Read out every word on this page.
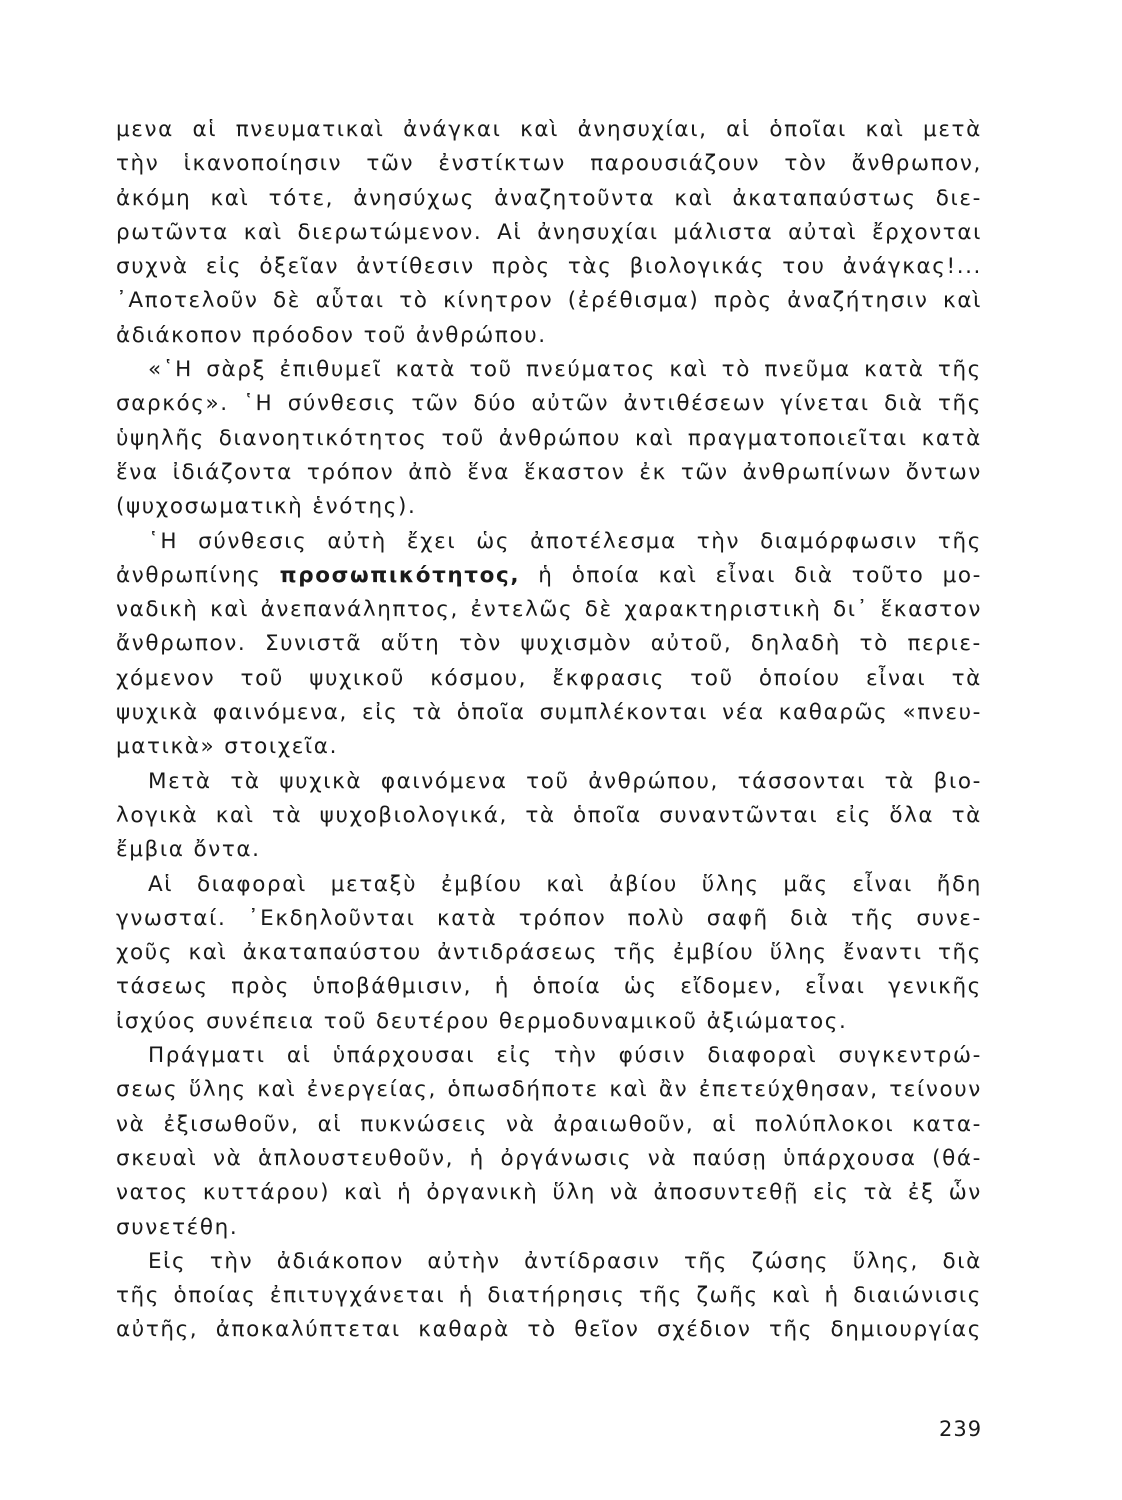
μενα αἱ πνευματικαὶ ἀνάγκαι καὶ ἀνησυχίαι, αἱ ὁποῖαι καὶ μετὰ
τὴν ἱκανοποίησιν τῶν ἐνστίκτων παρουσιάζουν τὸν ἄνθρωπον,
ἀκόμη καὶ τότε, ἀνησύχως ἀναζητοῦντα καὶ ἀκαταπαύστως διε-
ρωτῶντα καὶ διερωτώμενον. Αἱ ἀνησυχίαι μάλιστα αὐταὶ ἔρχονται
συχνὰ εἰς ὀξεῖαν ἀντίθεσιν πρὸς τὰς βιολογικάς του ἀνάγκας!...
᾿Αποτελοῦν δὲ αὗται τὸ κίνητρον (ἐρέθισμα) πρὸς ἀναζήτησιν καὶ
ἀδιάκοπον πρόοδον τοῦ ἀνθρώπου.
«῾Η σὰρξ ἐπιθυμεῖ κατὰ τοῦ πνεύματος καὶ τὸ πνεῦμα κατὰ τῆς
σαρκός». ῾Η σύνθεσις τῶν δύο αὐτῶν ἀντιθέσεων γίνεται διὰ τῆς
ὑψηλῆς διανοητικότητος τοῦ ἀνθρώπου καὶ πραγματοποιεῖται κατὰ
ἕνα ἰδιάζοντα τρόπον ἀπὸ ἕνα ἕκαστον ἐκ τῶν ἀνθρωπίνων ὄντων
(ψυχοσωματικὴ ἑνότης).
῾Η σύνθεσις αὐτὴ ἔχει ὡς ἀποτέλεσμα τὴν διαμόρφωσιν τῆς
ἀνθρωπίνης προσωπικότητος, ἡ ὁποία καὶ εἶναι διὰ τοῦτο μο-
ναδικὴ καὶ ἀνεπανάληπτος, ἐντελῶς δὲ χαρακτηριστικὴ δι᾿ ἕκαστον
ἄνθρωπον. Συνιστᾶ αὕτη τὸν ψυχισμὸν αὐτοῦ, δηλαδὴ τὸ περιε-
χόμενον τοῦ ψυχικοῦ κόσμου, ἔκφρασις τοῦ ὁποίου εἶναι τὰ
ψυχικὰ φαινόμενα, εἰς τὰ ὁποῖα συμπλέκονται νέα καθαρῶς «πνευ-
ματικὰ» στοιχεῖα.
Μετὰ τὰ ψυχικὰ φαινόμενα τοῦ ἀνθρώπου, τάσσονται τὰ βιο-
λογικὰ καὶ τὰ ψυχοβιολογικά, τὰ ὁποῖα συναντῶνται εἰς ὅλα τὰ
ἔμβια ὄντα.
Αἱ διαφοραὶ μεταξὺ ἐμβίου καὶ ἀβίου ὕλης μᾶς εἶναι ἤδη
γνωσταί. ᾿Εκδηλοῦνται κατὰ τρόπον πολὺ σαφῆ διὰ τῆς συνε-
χοῦς καὶ ἀκαταπαύστου ἀντιδράσεως τῆς ἐμβίου ὕλης ἔναντι τῆς
τάσεως πρὸς ὑποβάθμισιν, ἡ ὁποία ὡς εἴδομεν, εἶναι γενικῆς
ἰσχύος συνέπεια τοῦ δευτέρου θερμοδυναμικοῦ ἀξιώματος.
Πράγματι αἱ ὑπάρχουσαι εἰς τὴν φύσιν διαφοραὶ συγκεντρώ-
σεως ὕλης καὶ ἐνεργείας, ὁπωσδήποτε καὶ ἂν ἐπετεύχθησαν, τείνουν
νὰ ἐξισωθοῦν, αἱ πυκνώσεις νὰ ἀραιωθοῦν, αἱ πολύπλοκοι κατα-
σκευαὶ νὰ ἁπλουστευθοῦν, ἡ ὀργάνωσις νὰ παύσῃ ὑπάρχουσα (θά-
νατος κυττάρου) καὶ ἡ ὀργανικὴ ὕλη νὰ ἀποσυντεθῇ εἰς τὰ ἐξ ὧν
συνετέθη.
Εἰς τὴν ἀδιάκοπον αὐτὴν ἀντίδρασιν τῆς ζώσης ὕλης, διὰ
τῆς ὁποίας ἐπιτυγχάνεται ἡ διατήρησις τῆς ζωῆς καὶ ἡ διαιώνισις
αὐτῆς, ἀποκαλύπτεται καθαρὰ τὸ θεῖον σχέδιον τῆς δημιουργίας
239
